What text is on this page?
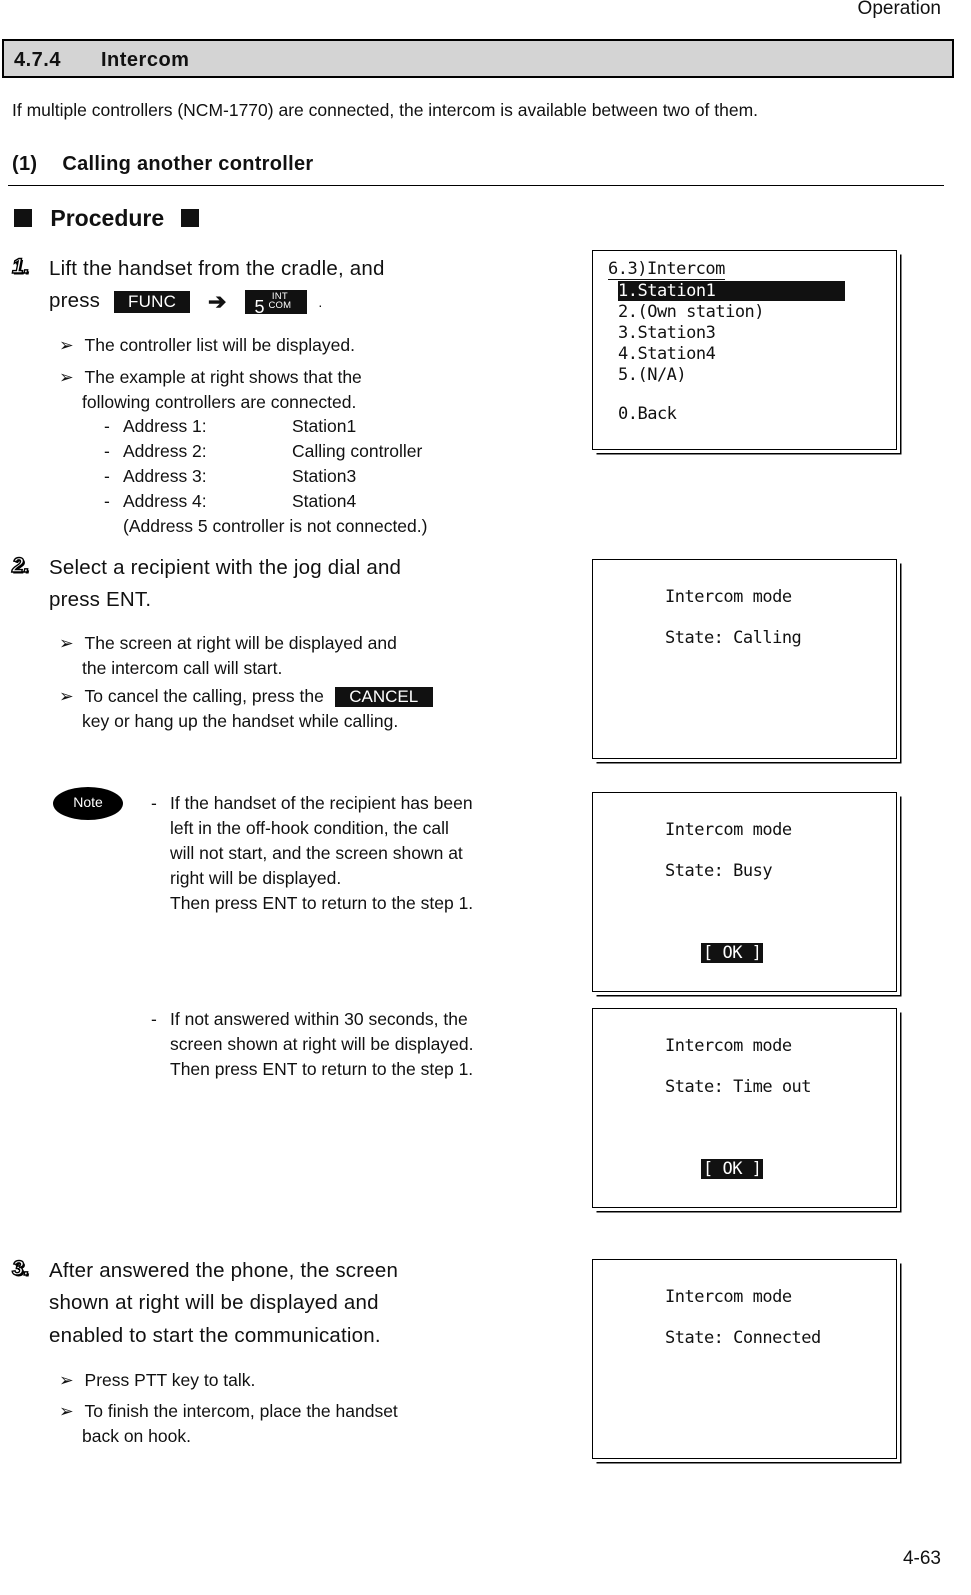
Operation
4.7.4 Intercom
If multiple controllers (NCM-1770) are connected, the intercom is available between two of them.
(1) Calling another controller
Procedure
1. Lift the handset from the cradle, and
press FUNC ➔ 5
INT
COM .
➢ The controller list will be displayed.
➢ The example at right shows that the
following controllers are connected.
- Address 1:	Station1
- Address 2:	Calling controller
- Address 3:	Station3
- Address 4:	Station4
(Address 5 controller is not connected.)
2. Select a recipient with the jog dial and
press ENT.
➢ The screen at right will be displayed and
the intercom call will start.
➢ To cancel the calling, press the CANCEL
key or hang up the handset while calling.
Note	- If the handset of the recipient has been
left in the off-hook condition, the call
will not start, and the screen shown at
right will be displayed.
Then press ENT to return to the step 1.
- If not answered within 30 seconds, the
screen shown at right will be displayed.
Then press ENT to return to the step 1.
3. After answered the phone, the screen
shown at right will be displayed and
enabled to start the communication.
➢ Press PTT key to talk.
➢ To finish the intercom, place the handset
back on hook.
6.3)Intercom
1.Station1
2.(Own station)
3.Station3
4.Station4
5.(N/A)
0.Back
Intercom mode
State: Calling
Intercom mode
State: Busy
[ OK ]
Intercom mode
State: Time out
[ OK ]
Intercom mode
State: Connected
4-63
